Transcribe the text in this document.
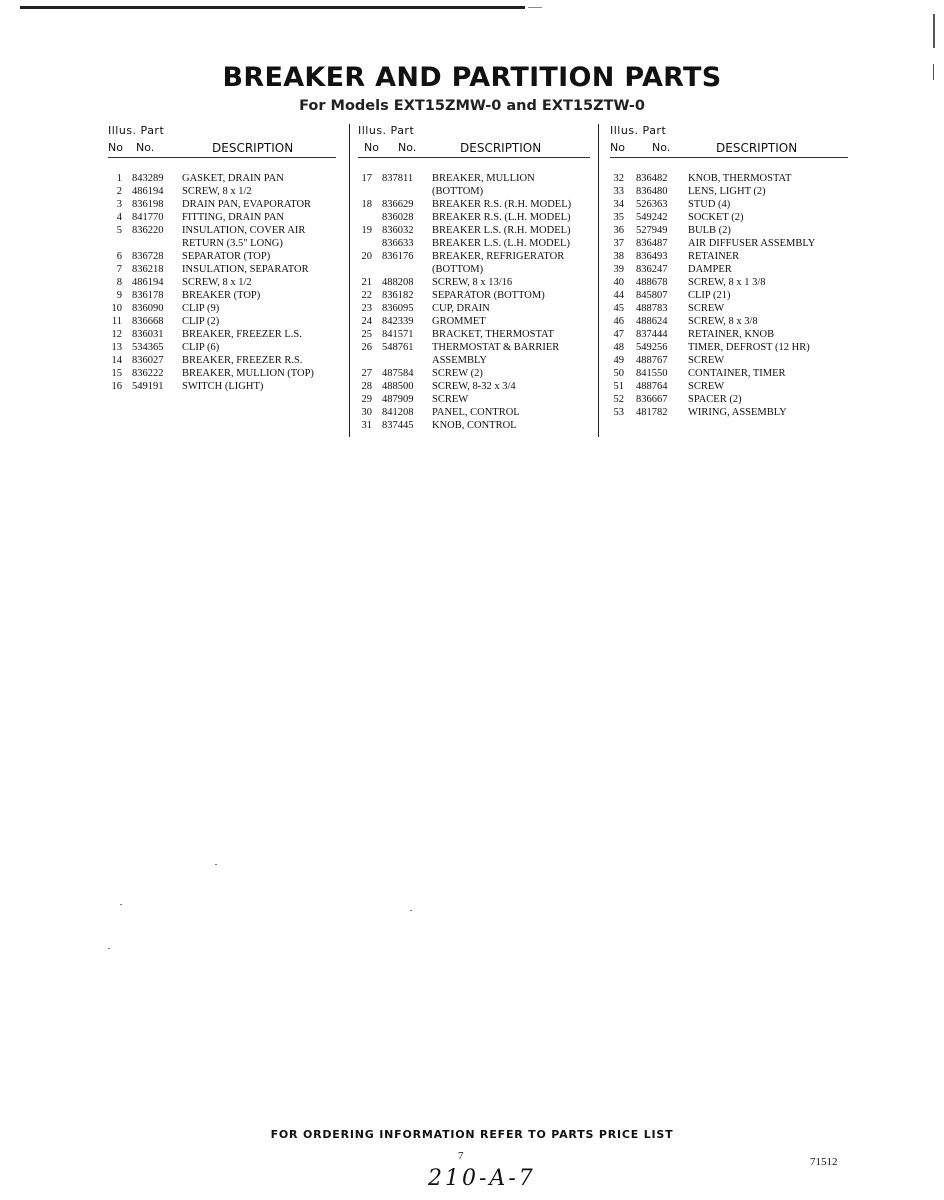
BREAKER AND PARTITION PARTS
For Models EXT15ZMW-0 and EXT15ZTW-0
Illus. Part
No No.	DESCRIPTION
1 843289 GASKET, DRAIN PAN
2 486194 SCREW, 8 x 1/2
3 836198 DRAIN PAN, EVAPORATOR
4 841770 FITTING, DRAIN PAN
5 836220 INSULATION, COVER AIR
RETURN (3.5" LONG)
6 836728 SEPARATOR (TOP)
7 836218 INSULATION, SEPARATOR
8 486194 SCREW, 8 x 1/2
9 836178 BREAKER (TOP)
10 836090 CLIP (9)
11 836668 CLIP (2)
12 836031 BREAKER, FREEZER L.S.
13 534365 CLIP (6)
14 836027 BREAKER, FREEZER R.S.
15 836222 BREAKER, MULLION (TOP)
16 549191 SWITCH (LIGHT)
Illus. Part
No No.	DESCRIPTION
17 837811 BREAKER, MULLION
(BOTTOM)
18 836629 BREAKER R.S. (R.H. MODEL)
836028 BREAKER R.S. (L.H. MODEL)
19 836032 BREAKER L.S. (R.H. MODEL)
836633 BREAKER L.S. (L.H. MODEL)
20 836176 BREAKER, REFRIGERATOR
(BOTTOM)
21 488208 SCREW, 8 x 13/16
22 836182 SEPARATOR (BOTTOM)
23 836095 CUP, DRAIN
24 842339 GROMMET
25 841571 BRACKET, THERMOSTAT
26 548761 THERMOSTAT & BARRIER
ASSEMBLY
27 487584 SCREW (2)
28 488500 SCREW, 8-32 x 3/4
29 487909 SCREW
30 841208 PANEL, CONTROL
31 837445 KNOB, CONTROL
Illus. Part
No No.	DESCRIPTION
32 836482 KNOB, THERMOSTAT
33 836480 LENS, LIGHT (2)
34 526363 STUD (4)
35 549242 SOCKET (2)
36 527949 BULB (2)
37 836487 AIR DIFFUSER ASSEMBLY
38 836493 RETAINER
39 836247 DAMPER
40 488678 SCREW, 8 x 1 3/8
44 845807 CLIP (21)
45 488783 SCREW
46 488624 SCREW, 8 x 3/8
47 837444 RETAINER, KNOB
48 549256 TIMER, DEFROST (12 HR)
49 488767 SCREW
50 841550 CONTAINER, TIMER
51 488764 SCREW
52 836667 SPACER (2)
53 481782 WIRING, ASSEMBLY
FOR ORDERING INFORMATION REFER TO PARTS PRICE LIST
7	71512
210-A-7
